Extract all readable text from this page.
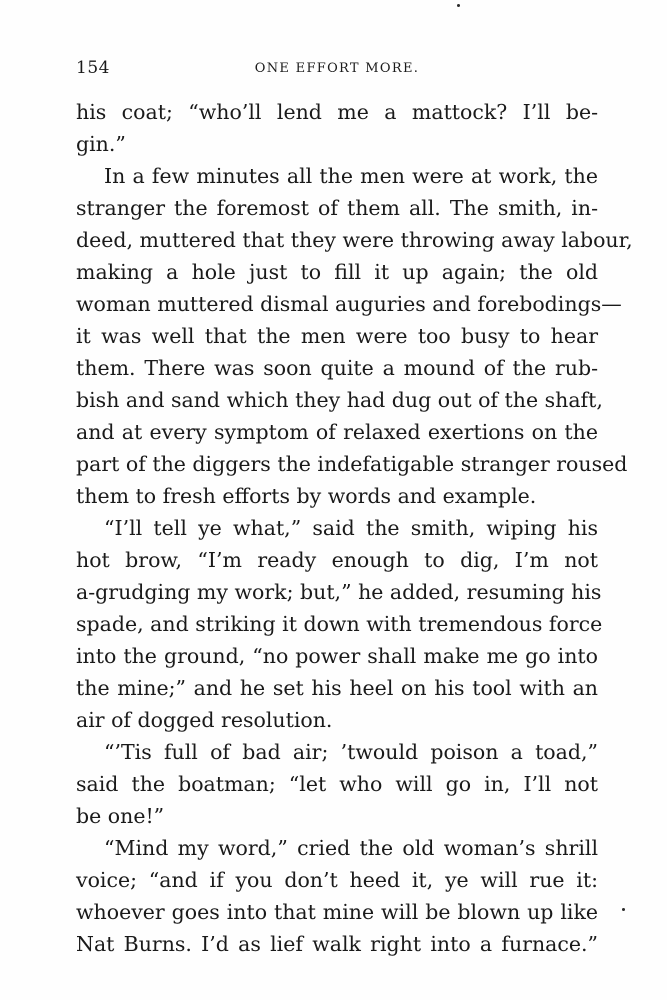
154	ONE EFFORT MORE.
his coat; “who’ll lend me a mattock? I’ll be-
gin.”
In a few minutes all the men were at work, the
stranger the foremost of them all. The smith, in-
deed, muttered that they were throwing away labour,
making a hole just to fill it up again; the old
woman muttered dismal auguries and forebodings—
it was well that the men were too busy to hear
them. There was soon quite a mound of the rub-
bish and sand which they had dug out of the shaft,
and at every symptom of relaxed exertions on the
part of the diggers the indefatigable stranger roused
them to fresh efforts by words and example.
“I’ll tell ye what,” said the smith, wiping his
hot brow, “I’m ready enough to dig, I’m not
a-grudging my work; but,” he added, resuming his
spade, and striking it down with tremendous force
into the ground, “no power shall make me go into
the mine;” and he set his heel on his tool with an
air of dogged resolution.
“’Tis full of bad air; ’twould poison a toad,”
said the boatman; “let who will go in, I’ll not
be one!”
“Mind my word,” cried the old woman’s shrill
voice; “and if you don’t heed it, ye will rue it:
whoever goes into that mine will be blown up like
Nat Burns. I’d as lief walk right into a furnace.”
